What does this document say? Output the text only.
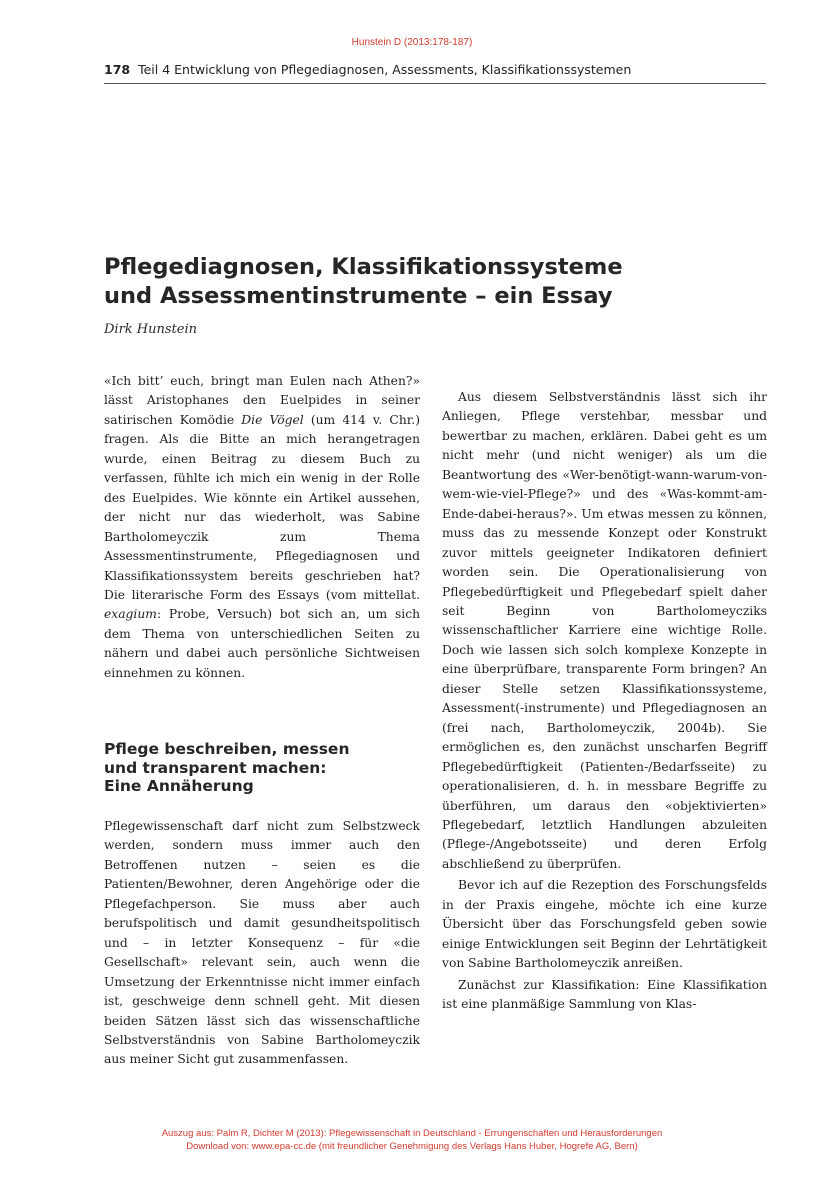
Hunstein D (2013:178-187)
178 Teil 4 Entwicklung von Pflegediagnosen, Assessments, Klassifikationssystemen
Pflegediagnosen, Klassifikationssysteme
und Assessmentinstrumente – ein Essay
Dirk Hunstein

«Ich bitt’ euch, bringt man Eulen nach Athen?» lässt Aristophanes den Euelpides in seiner satirischen Komödie Die Vögel (um 414 v. Chr.) fragen. Als die Bitte an mich herangetragen wurde, einen Beitrag zu diesem Buch zu verfassen, fühlte ich mich ein wenig in der Rolle des Euelpides. Wie könnte ein Artikel aussehen, der nicht nur das wiederholt, was Sabine Bartholomeyczik zum Thema Assessmentinstrumente, Pflegediagnosen und Klassifikationssystem bereits geschrieben hat? Die literarische Form des Essays (vom mittellat. exagium: Probe, Versuch) bot sich an, um sich dem Thema von unterschiedlichen Seiten zu nähern und dabei auch persönliche Sichtweisen einnehmen zu können.

Pflege beschreiben, messen
und transparent machen:
Eine Annäherung

Pflegewissenschaft darf nicht zum Selbstzweck werden, sondern muss immer auch den Betroffenen nutzen – seien es die Patienten/Bewohner, deren Angehörige oder die Pflegefachperson. Sie muss aber auch berufspolitisch und damit gesundheitspolitisch und – in letzter Konsequenz – für «die Gesellschaft» relevant sein, auch wenn die Umsetzung der Erkenntnisse nicht immer einfach ist, geschweige denn schnell geht. Mit diesen beiden Sätzen lässt sich das wissenschaftliche Selbstverständnis von Sabine Bartholomeyczik aus meiner Sicht gut zusammenfassen.

Aus diesem Selbstverständnis lässt sich ihr Anliegen, Pflege verstehbar, messbar und bewertbar zu machen, erklären. Dabei geht es um nicht mehr (und nicht weniger) als um die Beantwortung des «Wer-benötigt-wann-warum-von-wem-wie-viel-Pflege?» und des «Was-kommt-am-Ende-dabei-heraus?». Um etwas messen zu können, muss das zu messende Konzept oder Konstrukt zuvor mittels geeigneter Indikatoren definiert worden sein. Die Operationalisierung von Pflegebedürftigkeit und Pflegebedarf spielt daher seit Beginn von Bartholomeycziks wissenschaftlicher Karriere eine wichtige Rolle. Doch wie lassen sich solch komplexe Konzepte in eine überprüfbare, transparente Form bringen? An dieser Stelle setzen Klassifikationssysteme, Assessment(-instrumente) und Pflegediagnosen an (frei nach, Bartholomeyczik, 2004b). Sie ermöglichen es, den zunächst unscharfen Begriff Pflegebedürftigkeit (Patienten-/Bedarfsseite) zu operationalisieren, d. h. in messbare Begriffe zu überführen, um daraus den «objektivierten» Pflegebedarf, letztlich Handlungen abzuleiten (Pflege-/Angebotsseite) und deren Erfolg abschließend zu überprüfen.

Bevor ich auf die Rezeption des Forschungsfelds in der Praxis eingehe, möchte ich eine kurze Übersicht über das Forschungsfeld geben sowie einige Entwicklungen seit Beginn der Lehrtätigkeit von Sabine Bartholomeyczik anreißen.

Zunächst zur Klassifikation: Eine Klassifikation ist eine planmäßige Sammlung von Klas-

Auszug aus: Palm R, Dichter M (2013): Pflegewissenschaft in Deutschland - Errungenschaften und Herausforderungen
Download von: www.epa-cc.de (mit freundlicher Genehmigung des Verlags Hans Huber, Hogrefe AG, Bern)
